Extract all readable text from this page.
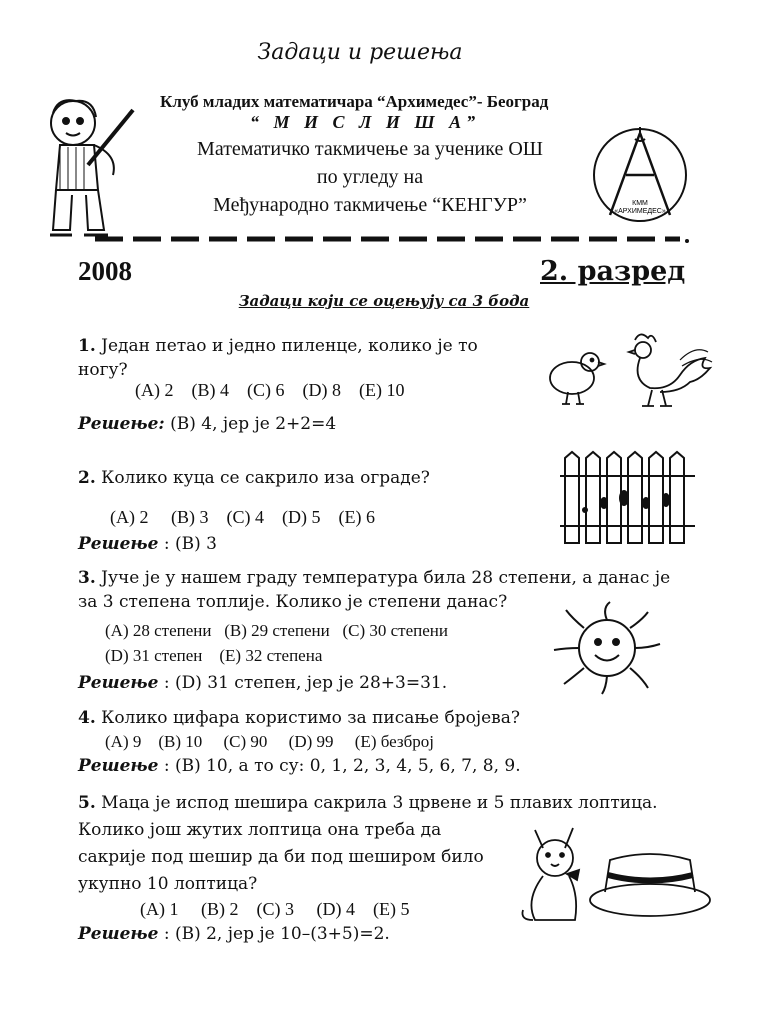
Задаци и решења
Клуб младих математичара “Архимедес”- Београд
“ М И С Л И Ш А”
Математичко такмичење за ученике ОШ
по угледу на
Међународно такмичење “КЕНГУР”	КММ
«АРХИМЕДЕС»
2008	2. разред
Задаци који се оцењују са 3 бода
1. Један петао и једно пиленце, колико је то
ногу?
(А) 2    (B) 4    (C) 6    (D) 8    (E) 10
Решење: (B) 4, јер је 2+2=4
2. Колико куца се сакрило иза ограде?
(А) 2     (B) 3    (C) 4    (D) 5    (E) 6
Решење : (B) 3
3. Јуче је у нашем граду температура била 28 степени, а данас је
за 3 степена топлије. Колико је степени данас?
(А) 28 степени   (B) 29 степени   (C) 30 степени
(D) 31 степен    (E) 32 степена
Решење : (D) 31 степен, јер је 28+3=31.
4. Колико цифара користимо за писање бројева?
(А) 9    (B) 10     (C) 90     (D) 99     (E) безброј
Решење : (B) 10, а то су: 0, 1, 2, 3, 4, 5, 6, 7, 8, 9.
5. Маца је испод шешира сакрила 3 црвене и 5 плавих лоптица.
Колико још жутих лоптица она треба да
сакрије под шешир да би под шеширом било
укупно 10 лоптица?
(А) 1     (B) 2    (C) 3     (D) 4    (E) 5
Решење : (B) 2, јер је 10–(3+5)=2.
